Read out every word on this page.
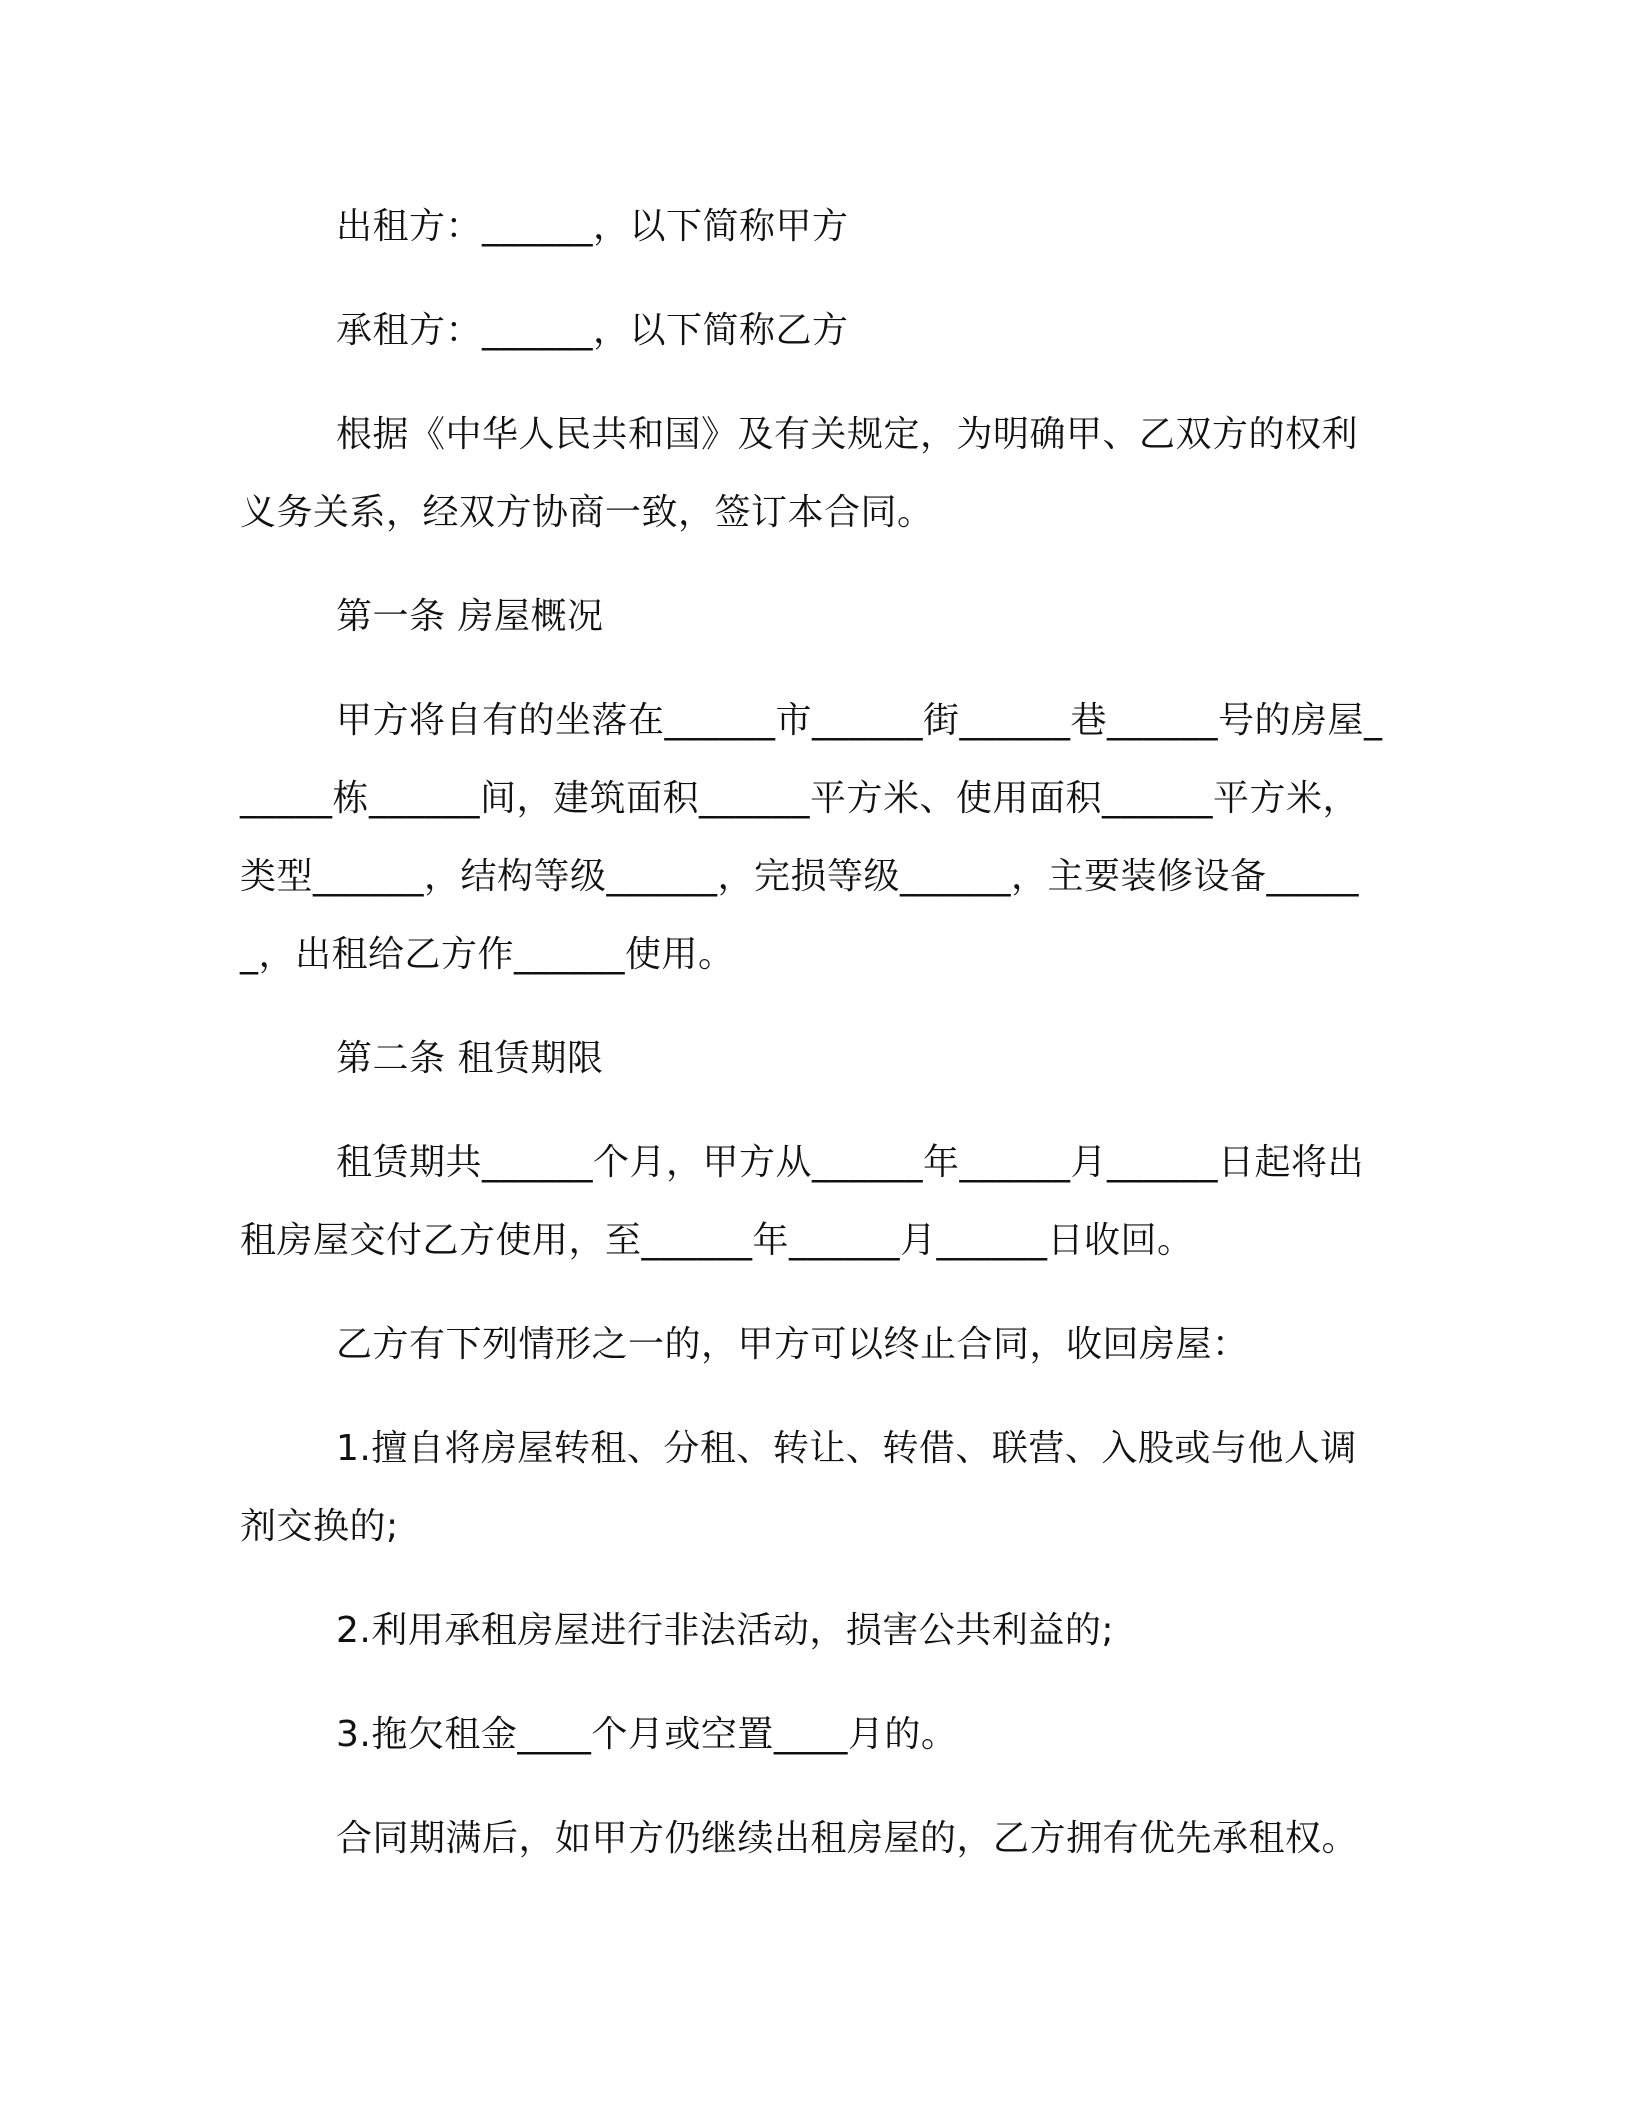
出租方：______，以下简称甲方

承租方：______，以下简称乙方

根据《中华人民共和国》及有关规定，为明确甲、乙双方的权利义务关系，经双方协商一致，签订本合同。

第一条 房屋概况

甲方将自有的坐落在______市______街______巷______号的房屋______栋______间，建筑面积______平方米、使用面积______平方米，类型______，结构等级______，完损等级______，主要装修设备______，出租给乙方作______使用。

第二条 租赁期限

租赁期共______个月，甲方从______年______月______日起将出租房屋交付乙方使用，至______年______月______日收回。

乙方有下列情形之一的，甲方可以终止合同，收回房屋：

1.擅自将房屋转租、分租、转让、转借、联营、入股或与他人调剂交换的;

2.利用承租房屋进行非法活动，损害公共利益的;

3.拖欠租金____个月或空置____月的。

合同期满后，如甲方仍继续出租房屋的，乙方拥有优先承租权。
